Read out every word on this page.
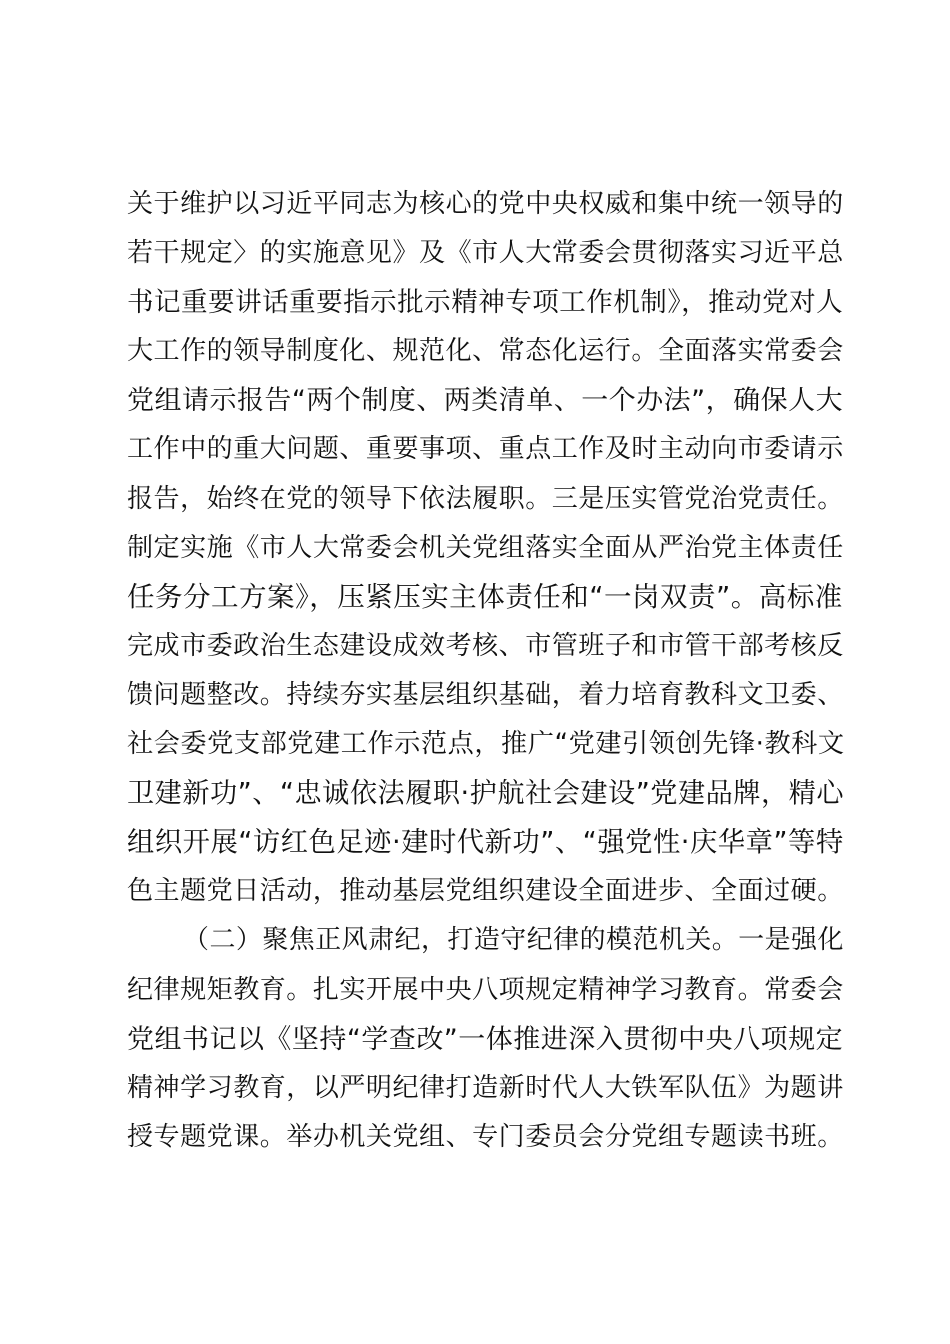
关于维护以习近平同志为核心的党中央权威和集中统一领导的
若干规定〉的实施意见》及《市人大常委会贯彻落实习近平总
书记重要讲话重要指示批示精神专项工作机制》，推动党对人
大工作的领导制度化、规范化、常态化运行。全面落实常委会
党组请示报告“两个制度、两类清单、一个办法”，确保人大
工作中的重大问题、重要事项、重点工作及时主动向市委请示
报告，始终在党的领导下依法履职。三是压实管党治党责任。
制定实施《市人大常委会机关党组落实全面从严治党主体责任
任务分工方案》，压紧压实主体责任和“一岗双责”。高标准
完成市委政治生态建设成效考核、市管班子和市管干部考核反
馈问题整改。持续夯实基层组织基础，着力培育教科文卫委、
社会委党支部党建工作示范点，推广“党建引领创先锋·教科文
卫建新功”、“忠诚依法履职·护航社会建设”党建品牌，精心
组织开展“访红色足迹·建时代新功”、“强党性·庆华章”等特
色主题党日活动，推动基层党组织建设全面进步、全面过硬。
（二）聚焦正风肃纪，打造守纪律的模范机关。一是强化
纪律规矩教育。扎实开展中央八项规定精神学习教育。常委会
党组书记以《坚持“学查改”一体推进深入贯彻中央八项规定
精神学习教育，以严明纪律打造新时代人大铁军队伍》为题讲
授专题党课。举办机关党组、专门委员会分党组专题读书班。
